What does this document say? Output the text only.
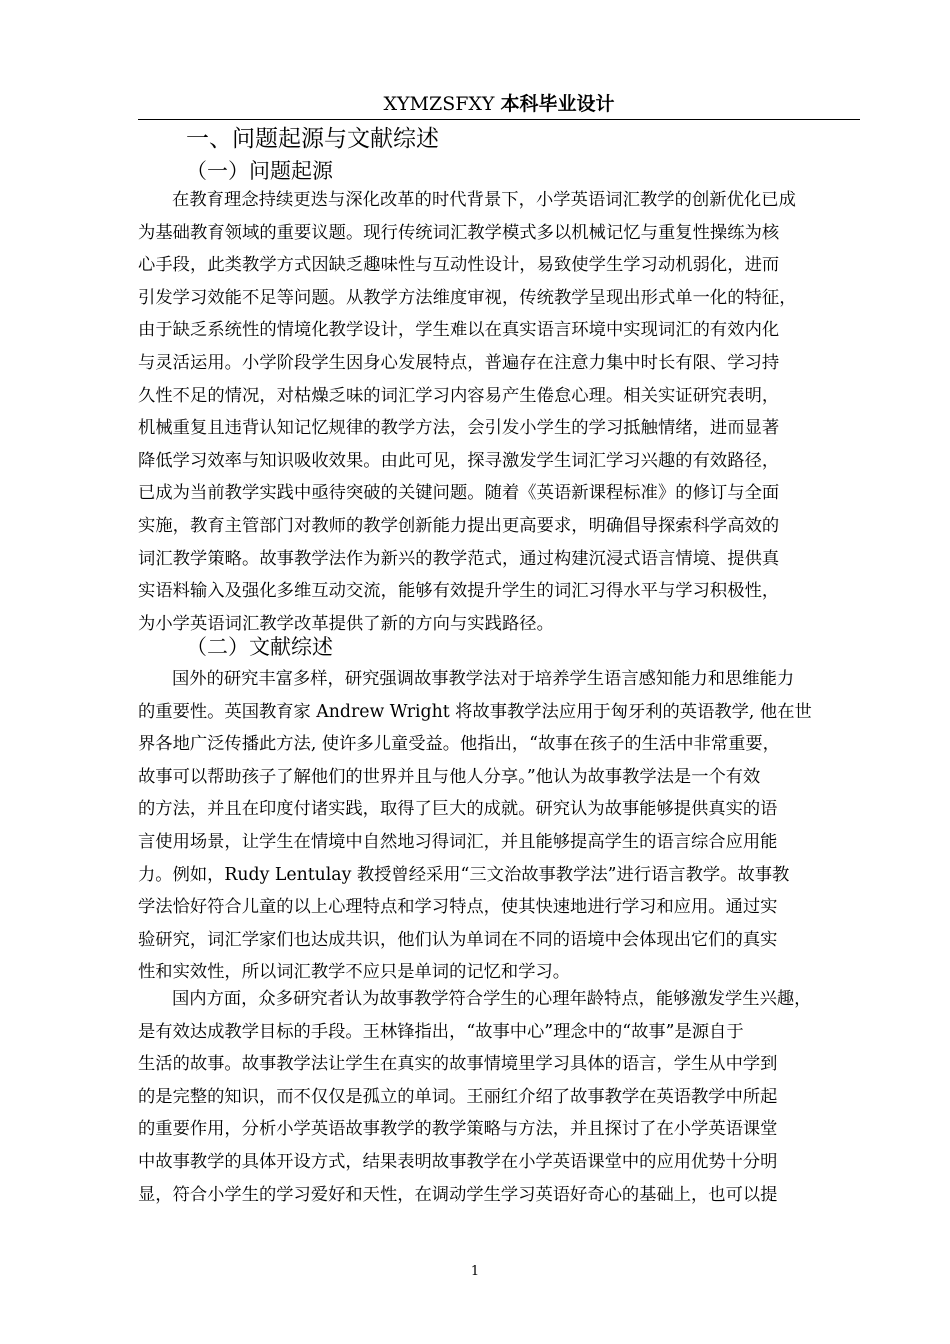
XYMZSFXY 本科毕业设计
一、问题起源与文献综述
（一）问题起源
在教育理念持续更迭与深化改革的时代背景下，小学英语词汇教学的创新优化已成
为基础教育领域的重要议题。现行传统词汇教学模式多以机械记忆与重复性操练为核
心手段，此类教学方式因缺乏趣味性与互动性设计，易致使学生学习动机弱化，进而
引发学习效能不足等问题。从教学方法维度审视，传统教学呈现出形式单一化的特征，
由于缺乏系统性的情境化教学设计，学生难以在真实语言环境中实现词汇的有效内化
与灵活运用。小学阶段学生因身心发展特点，普遍存在注意力集中时长有限、学习持
久性不足的情况，对枯燥乏味的词汇学习内容易产生倦怠心理。相关实证研究表明，
机械重复且违背认知记忆规律的教学方法，会引发小学生的学习抵触情绪，进而显著
降低学习效率与知识吸收效果。由此可见，探寻激发学生词汇学习兴趣的有效路径，
已成为当前教学实践中亟待突破的关键问题。随着《英语新课程标准》的修订与全面
实施，教育主管部门对教师的教学创新能力提出更高要求，明确倡导探索科学高效的
词汇教学策略。故事教学法作为新兴的教学范式，通过构建沉浸式语言情境、提供真
实语料输入及强化多维互动交流，能够有效提升学生的词汇习得水平与学习积极性，
为小学英语词汇教学改革提供了新的方向与实践路径。
（二）文献综述
国外的研究丰富多样，研究强调故事教学法对于培养学生语言感知能力和思维能力
的重要性。英国教育家 Andrew Wright 将故事教学法应用于匈牙利的英语教学, 他在世
界各地广泛传播此方法, 使许多儿童受益。他指出，“故事在孩子的生活中非常重要，
故事可以帮助孩子了解他们的世界并且与他人分享。”他认为故事教学法是一个有效
的方法，并且在印度付诸实践，取得了巨大的成就。研究认为故事能够提供真实的语
言使用场景，让学生在情境中自然地习得词汇，并且能够提高学生的语言综合应用能
力。例如，Rudy Lentulay 教授曾经采用“三文治故事教学法”进行语言教学。故事教
学法恰好符合儿童的以上心理特点和学习特点，使其快速地进行学习和应用。通过实
验研究，词汇学家们也达成共识，他们认为单词在不同的语境中会体现出它们的真实
性和实效性，所以词汇教学不应只是单词的记忆和学习。
国内方面，众多研究者认为故事教学符合学生的心理年龄特点，能够激发学生兴趣，
是有效达成教学目标的手段。王林锋指出，“故事中心”理念中的“故事”是源自于
生活的故事。故事教学法让学生在真实的故事情境里学习具体的语言，学生从中学到
的是完整的知识，而不仅仅是孤立的单词。王丽红介绍了故事教学在英语教学中所起
的重要作用，分析小学英语故事教学的教学策略与方法，并且探讨了在小学英语课堂
中故事教学的具体开设方式，结果表明故事教学在小学英语课堂中的应用优势十分明
显，符合小学生的学习爱好和天性，在调动学生学习英语好奇心的基础上，也可以提
1
